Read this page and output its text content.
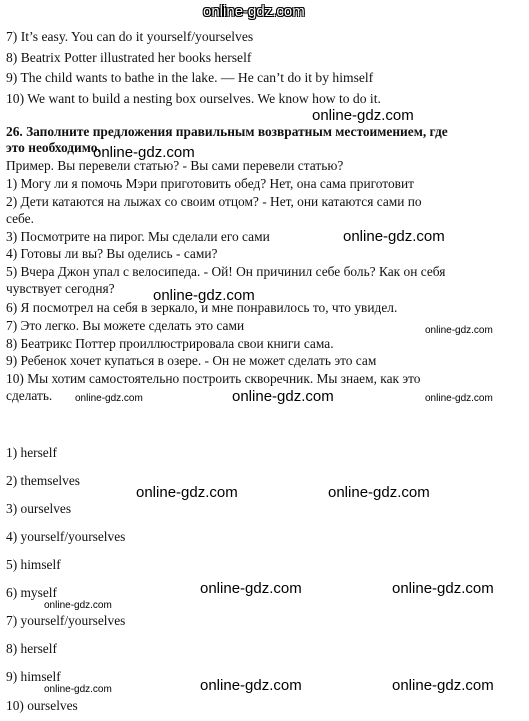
online-gdz.com
7) It’s easy. You can do it yourself/yourselves
8) Beatrix Potter illustrated her books herself
9) The child wants to bathe in the lake. — He can’t do it by himself
online-gdz.com
10) We want to build a nesting box ourselves. We know how to do it.
26. Заполните предложения правильным возвратным местоимением, где
это необходимо.
online-gdz.com
Пример. Вы перевели статью? - Вы сами перевели статью?
1) Могу ли я помочь Мэри приготовить обед? Нет, она сама приготовит
2) Дети катаются на лыжах со своим отцом? - Нет, они катаются сами по
себе.
3) Посмотрите на пирог. Мы сделали его сами	online-gdz.com
4) Готовы ли вы? Вы оделись - сами?
5) Вчера Джон упал с велосипеда. - Ой! Он причинил себе боль? Как он себя
чувствует сегодня?	online-gdz.com
6) Я посмотрел на себя в зеркало, и мне понравилось то, что увидел.
7) Это легко. Вы можете сделать это сами	online-gdz.com
8) Беатрикс Поттер проиллюстрировала свои книги сама.
9) Ребенок хочет купаться в озере. - Он не может сделать это сам
10) Мы хотим самостоятельно построить скворечник. Мы знаем, как это
сделать. online-gdz.com	online-gdz.com	online-gdz.com
1) herself
2) themselves
online-gdz.com	online-gdz.com
3) ourselves
4) yourself/yourselves
5) himself
6) myself	online-gdz.com	online-gdz.com
online-gdz.com
7) yourself/yourselves
8) herself
9) himself
online-gdz.com	online-gdz.com
online-gdz.com
10) ourselves
